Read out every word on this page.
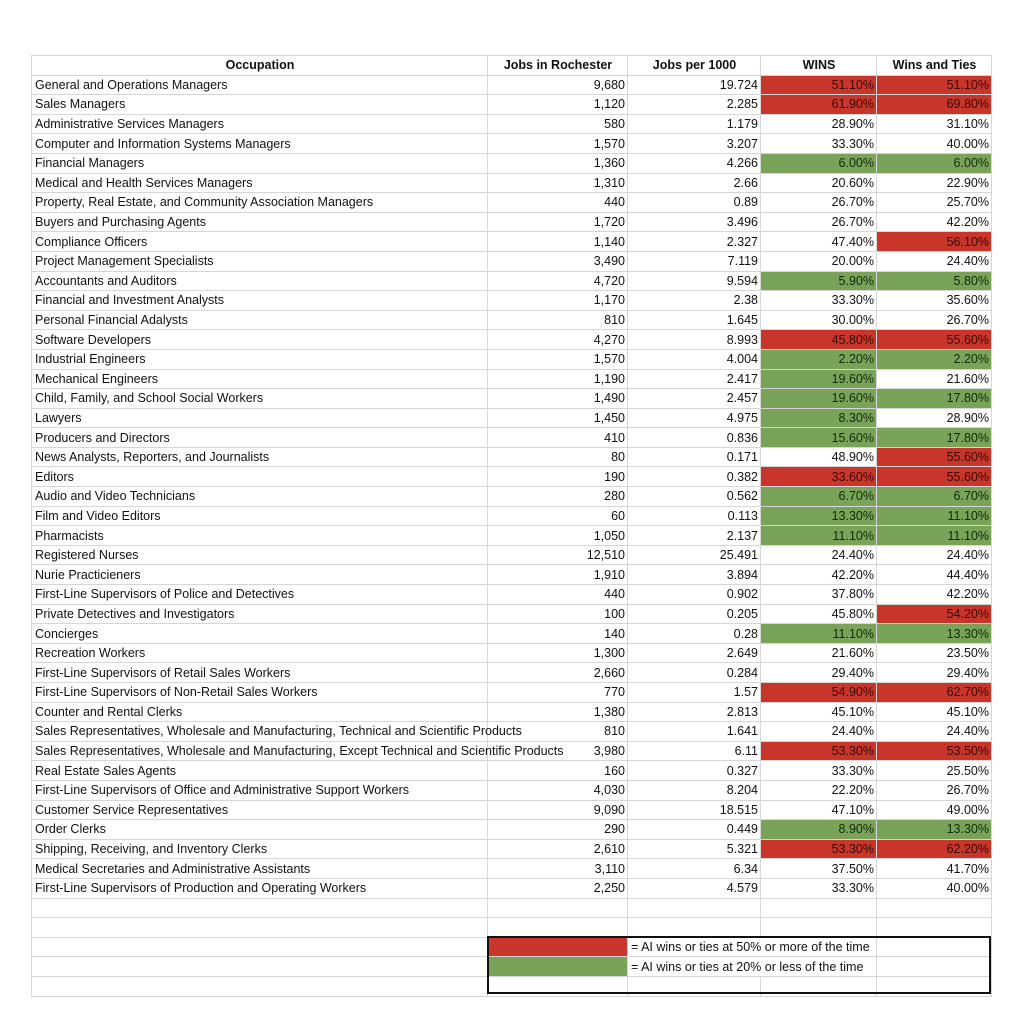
Occupation	Jobs in Rochester	Jobs per 1000	WINS	Wins and Ties
General and Operations Managers	9,680	19.724	51.10%	51.10%
Sales Managers	1,120	2.285	61.90%	69.80%
Administrative Services Managers	580	1.179	28.90%	31.10%
Computer and Information Systems Managers	1,570	3.207	33.30%	40.00%
Financial Managers	1,360	4.266	6.00%	6.00%
Medical and Health Services Managers	1,310	2.66	20.60%	22.90%
Property, Real Estate, and Community Association Managers	440	0.89	26.70%	25.70%
Buyers and Purchasing Agents	1,720	3.496	26.70%	42.20%
Compliance Officers	1,140	2.327	47.40%	56.10%
Project Management Specialists	3,490	7.119	20.00%	24.40%
Accountants and Auditors	4,720	9.594	5.90%	5.80%
Financial and Investment Analysts	1,170	2.38	33.30%	35.60%
Personal Financial Adalysts	810	1.645	30.00%	26.70%
Software Developers	4,270	8.993	45.80%	55.60%
Industrial Engineers	1,570	4.004	2.20%	2.20%
Mechanical Engineers	1,190	2.417	19.60%	21.60%
Child, Family, and School Social Workers	1,490	2.457	19.60%	17.80%
Lawyers	1,450	4.975	8.30%	28.90%
Producers and Directors	410	0.836	15.60%	17.80%
News Analysts, Reporters, and Journalists	80	0.171	48.90%	55.60%
Editors	190	0.382	33.60%	55.60%
Audio and Video Technicians	280	0.562	6.70%	6.70%
Film and Video Editors	60	0.113	13.30%	11.10%
Pharmacists	1,050	2.137	11.10%	11.10%
Registered Nurses	12,510	25.491	24.40%	24.40%
Nurie Practicieners	1,910	3.894	42.20%	44.40%
First-Line Supervisors of Police and Detectives	440	0.902	37.80%	42.20%
Private Detectives and Investigators	100	0.205	45.80%	54.20%
Concierges	140	0.28	11.10%	13.30%
Recreation Workers	1,300	2.649	21.60%	23.50%
First-Line Supervisors of Retail Sales Workers	2,660	0.284	29.40%	29.40%
First-Line Supervisors of Non-Retail Sales Workers	770	1.57	54.90%	62.70%
Counter and Rental Clerks	1,380	2.813	45.10%	45.10%
Sales Representatives, Wholesale and Manufacturing, Technical and Scientific Products	810	1.641	24.40%	24.40%
Sales Representatives, Wholesale and Manufacturing, Except Technical and Scientific Products	3,980	6.11	53.30%	53.50%
Real Estate Sales Agents	160	0.327	33.30%	25.50%
First-Line Supervisors of Office and Administrative Support Workers	4,030	8.204	22.20%	26.70%
Customer Service Representatives	9,090	18.515	47.10%	49.00%
Order Clerks	290	0.449	8.90%	13.30%
Shipping, Receiving, and Inventory Clerks	2,610	5.321	53.30%	62.20%
Medical Secretaries and Administrative Assistants	3,110	6.34	37.50%	41.70%
First-Line Supervisors of Production and Operating Workers	2,250	4.579	33.30%	40.00%

		= AI wins or ties at 50% or more of the time		
		= AI wins or ties at 20% or less of the time		
